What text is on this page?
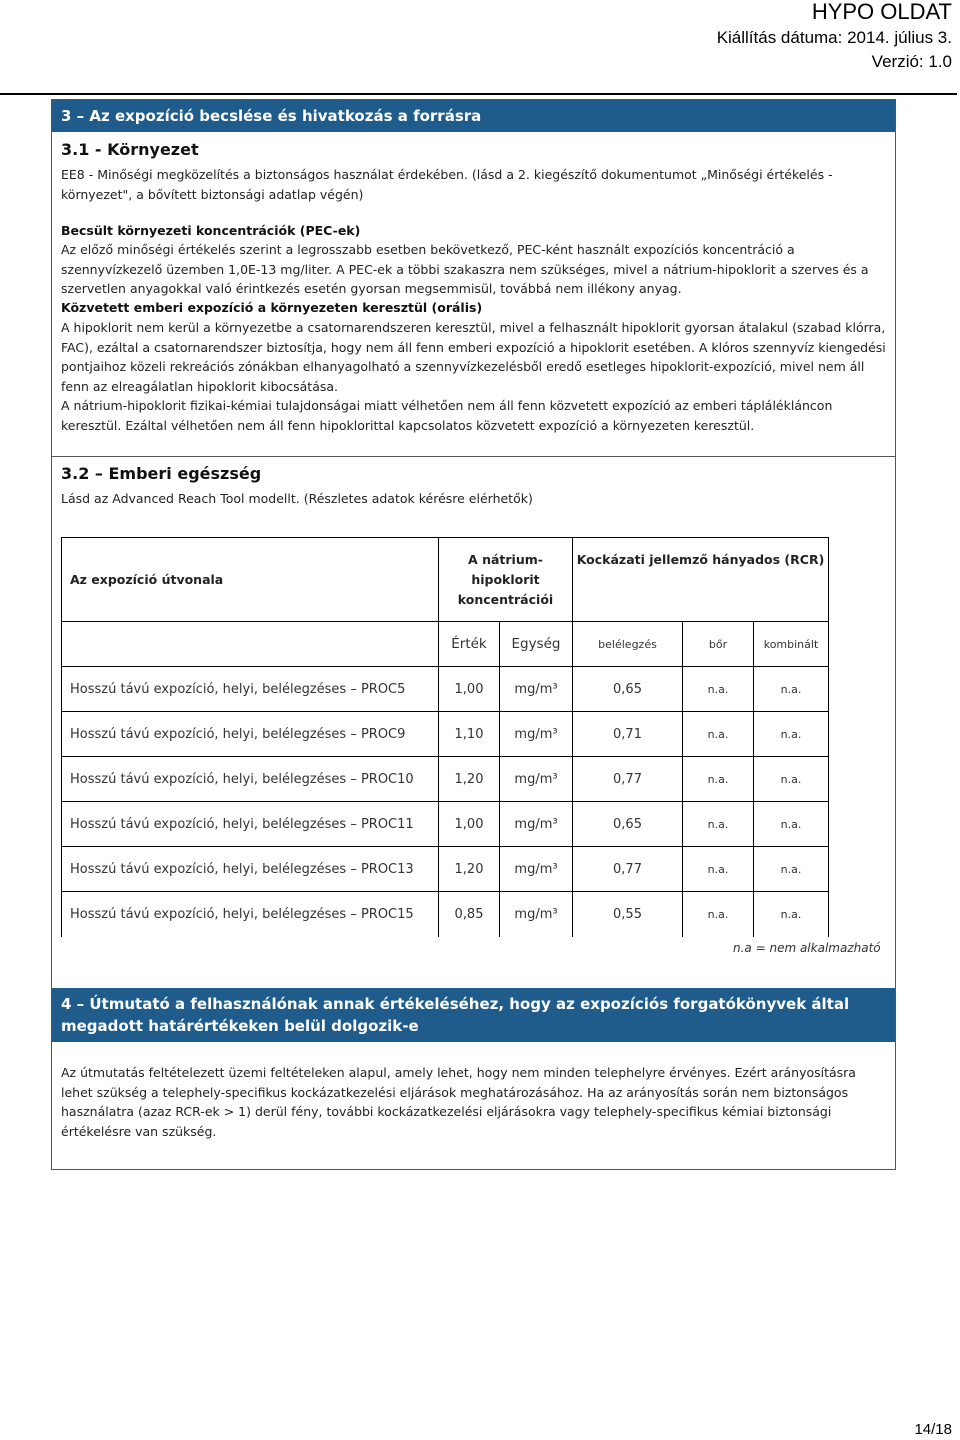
HYPO OLDAT
Kiállítás dátuma: 2014. július 3.
Verzió: 1.0
3 – Az expozíció becslése és hivatkozás a forrásra
3.1 - Környezet
EE8 - Minőségi megközelítés a biztonságos használat érdekében. (lásd a 2. kiegészítő dokumentumot „Minőségi értékelés - környezet", a bővített biztonsági adatlap végén)
Becsült környezeti koncentrációk (PEC-ek)
Az előző minőségi értékelés szerint a legrosszabb esetben bekövetkező, PEC-ként használt expozíciós koncentráció a szennyvízkezelő üzemben 1,0E-13 mg/liter. A PEC-ek a többi szakaszra nem szükséges, mivel a nátrium-hipoklorit a szerves és a szervetlen anyagokkal való érintkezés esetén gyorsan megsemmisül, továbbá nem illékony anyag.
Közvetett emberi expozíció a környezeten keresztül (orális)
A hipoklorit nem kerül a környezetbe a csatornarendszeren keresztül, mivel a felhasznált hipoklorit gyorsan átalakul (szabad klórra, FAC), ezáltal a csatornarendszer biztosítja, hogy nem áll fenn emberi expozíció a hipoklorit esetében. A klóros szennyvíz kiengedési pontjaihoz közeli rekreációs zónákban elhanyagolható a szennyvízkezelésből eredő esetleges hipoklorit-expozíció, mivel nem áll fenn az elreagálatlan hipoklorit kibocsátása.
A nátrium-hipoklorit fizikai-kémiai tulajdonságai miatt vélhetően nem áll fenn közvetett expozíció az emberi táplálékláncon keresztül. Ezáltal vélhetően nem áll fenn hipoklorittal kapcsolatos közvetett expozíció a környezeten keresztül.
3.2 – Emberi egészség
Lásd az Advanced Reach Tool modellt. (Részletes adatok kérésre elérhetők)
Az expozíció útvonala	A nátrium-hipoklorit koncentrációi		Kockázati jellemző hányados (RCR)		
	Érték	Egység	belélegzés	bőr	kombinált
Hosszú távú expozíció, helyi, belélegzéses – PROC5	1,00	mg/m³	0,65	n.a.	n.a.
Hosszú távú expozíció, helyi, belélegzéses – PROC9	1,10	mg/m³	0,71	n.a.	n.a.
Hosszú távú expozíció, helyi, belélegzéses – PROC10	1,20	mg/m³	0,77	n.a.	n.a.
Hosszú távú expozíció, helyi, belélegzéses – PROC11	1,00	mg/m³	0,65	n.a.	n.a.
Hosszú távú expozíció, helyi, belélegzéses – PROC13	1,20	mg/m³	0,77	n.a.	n.a.
Hosszú távú expozíció, helyi, belélegzéses – PROC15	0,85	mg/m³	0,55	n.a.	n.a.
n.a = nem alkalmazható
4 – Útmutató a felhasználónak annak értékeléséhez, hogy az expozíciós forgatókönyvek által megadott határértékeken belül dolgozik-e
Az útmutatás feltételezett üzemi feltételeken alapul, amely lehet, hogy nem minden telephelyre érvényes. Ezért arányosításra lehet szükség a telephely-specifikus kockázatkezelési eljárások meghatározásához. Ha az arányosítás során nem biztonságos használatra (azaz RCR-ek > 1) derül fény, további kockázatkezelési eljárásokra vagy telephely-specifikus kémiai biztonsági értékelésre van szükség.
14/18
